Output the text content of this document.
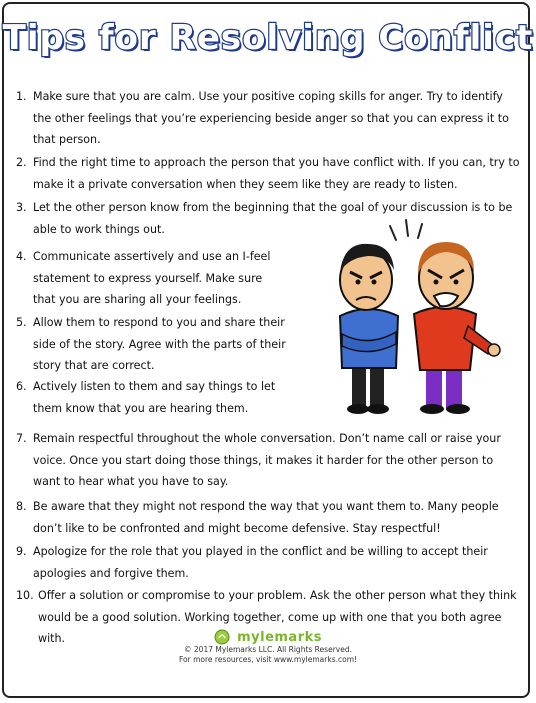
Tips for Resolving Conflict
1. Make sure that you are calm. Use your positive coping skills for anger. Try to identify the other feelings that you’re experiencing beside anger so that you can express it to that person.
2. Find the right time to approach the person that you have conflict with. If you can, try to make it a private conversation when they seem like they are ready to listen.
3. Let the other person know from the beginning that the goal of your discussion is to be able to work things out.
4. Communicate assertively and use an I-feel statement to express yourself. Make sure that you are sharing all your feelings.
5. Allow them to respond to you and share their side of the story. Agree with the parts of their story that are correct.
6. Actively listen to them and say things to let them know that you are hearing them.
7. Remain respectful throughout the whole conversation. Don’t name call or raise your voice. Once you start doing those things, it makes it harder for the other person to want to hear what you have to say.
8. Be aware that they might not respond the way that you want them to. Many people don’t like to be confronted and might become defensive. Stay respectful!
9. Apologize for the role that you played in the conflict and be willing to accept their apologies and forgive them.
10. Offer a solution or compromise to your problem. Ask the other person what they think would be a good solution. Working together, come up with one that you both agree with.	mylemarks
© 2017 Mylemarks LLC. All Rights Reserved.
For more resources, visit www.mylemarks.com!
